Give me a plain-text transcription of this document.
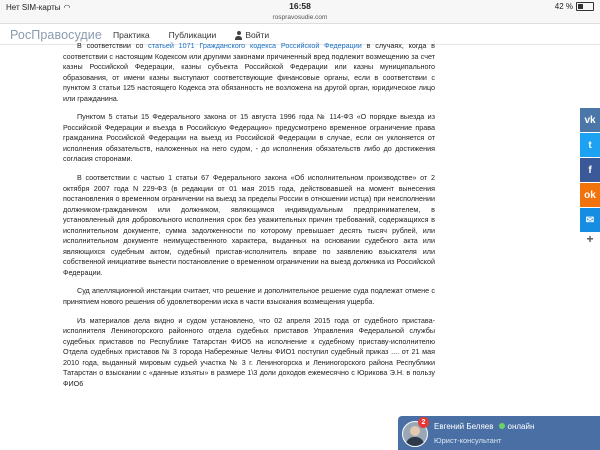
Нет SIM-карты ◠	16:58	42 %
rospravosudie.com
РосПравосудие Практика Публикации	Войти

В соответствии со статьей 1071 Гражданского кодекса Российской Федерации в случаях, когда в соответствии с настоящим Кодексом или другими законами причиненный вред подлежит возмещению за счет казны Российской Федерации, казны субъекта Российской Федерации или казны муниципального образования, от имени казны выступают соответствующие финансовые органы, если в соответствии с пунктом 3 статьи 125 настоящего Кодекса эта обязанность не возложена на другой орган, юридическое лицо или гражданина.

Пунктом 5 статьи 15 Федерального закона от 15 августа 1996 года № 114-ФЗ «О порядке выезда из Российской Федерации и въезда в Российскую Федерацию» предусмотрено временное ограничение права гражданина Российской Федерации на выезд из Российской Федерации в случае, если он уклоняется от исполнения обязательств, наложенных на него судом, - до исполнения обязательств либо до достижения согласия сторонами.

В соответствии с частью 1 статьи 67 Федерального закона «Об исполнительном производстве» от 2 октября 2007 года N 229-ФЗ (в редакции от 01 мая 2015 года, действовавшей на момент вынесения постановления о временном ограничении на выезд за пределы России в отношении истца) при неисполнении должником-гражданином или должником, являющимся индивидуальным предпринимателем, в установленный для добровольного исполнения срок без уважительных причин требований, содержащихся в исполнительном документе, сумма задолженности по которому превышает десять тысяч рублей, или исполнительном документе неимущественного характера, выданных на основании судебного акта или являющихся судебным актом, судебный пристав-исполнитель вправе по заявлению взыскателя или собственной инициативе вынести постановление о временном ограничении на выезд должника из Российской Федерации.

Суд апелляционной инстанции считает, что решение и дополнительное решение суда подлежат отмене с принятием нового решения об удовлетворении иска в части взыскания возмещения ущерба.

Из материалов дела видно и судом установлено, что 02 апреля 2015 года от судебного пристава-исполнителя Лениногорского районного отдела судебных приставов Управления Федеральной службы судебных приставов по Республике Татарстан ФИО5 на исполнение к судебному приставу-исполнителю Отдела судебных приставов № 3 города Набережные Челны ФИО1 поступил судебный приказ .... от 21 мая 2010 года, выданный мировым судьей участка № 3 г. Лениногорска и Лениногорского района Республики Татарстан о взыскании с «данные изъяты» в размере 1\3 доли доходов ежемесячно с Юрикова Э.Н. в пользу ФИО6

vk
t
f
ok
✉
+
2	Евгений Беляев онлайн
Юрист-консультант
